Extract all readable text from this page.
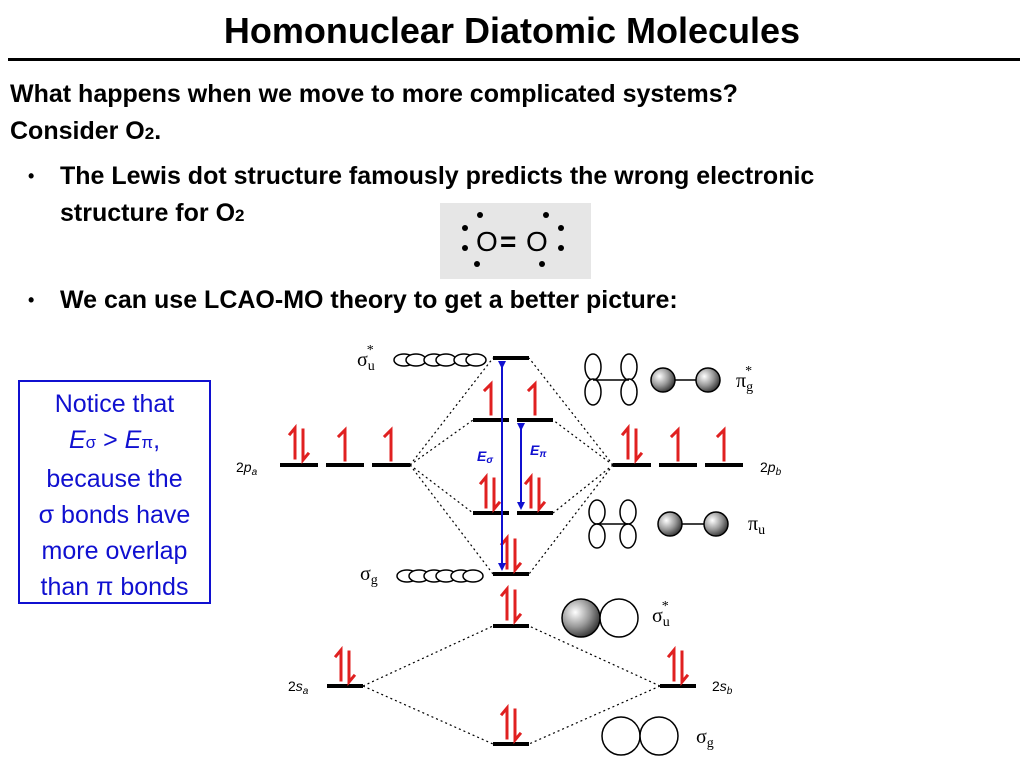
Homonuclear Diatomic Molecules
What happens when we move to more complicated systems?
Consider O2.
• The Lewis dot structure famously predicts the wrong electronic
structure for O2
O = O
• We can use LCAO-MO theory to get a better picture:
Notice that
Eσ > Eπ,
because the
σ bonds have
more overlap
than π bonds
Eσ
Eπ
$2p_a$	$2p_b$
$2s_a$	$2s_b$
$\sigma_u*$
$\pi_g*$
$\pi_u$
$\sigma_g$
$\sigma_u*$
$\sigma_g$
